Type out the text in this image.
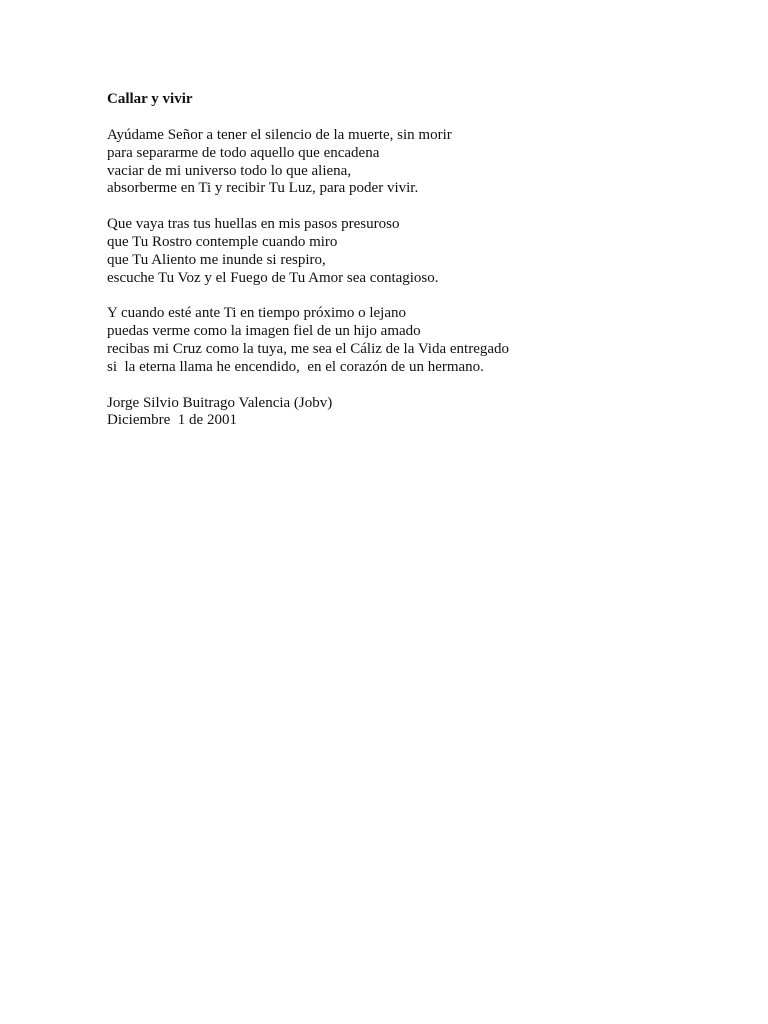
Callar y vivir
Ayúdame Señor a tener el silencio de la muerte, sin morir
para separarme de todo aquello que encadena
vaciar de mi universo todo lo que aliena,
absorberme en Ti y recibir Tu Luz, para poder vivir.
Que vaya tras tus huellas en mis pasos presuroso
que Tu Rostro contemple cuando miro
que Tu Aliento me inunde si respiro,
escuche Tu Voz y el Fuego de Tu Amor sea contagioso.
Y cuando esté ante Ti en tiempo próximo o lejano
puedas verme como la imagen fiel de un hijo amado
recibas mi Cruz como la tuya, me sea el Cáliz de la Vida entregado
si  la eterna llama he encendido,  en el corazón de un hermano.
Jorge Silvio Buitrago Valencia (Jobv)
Diciembre  1 de 2001
